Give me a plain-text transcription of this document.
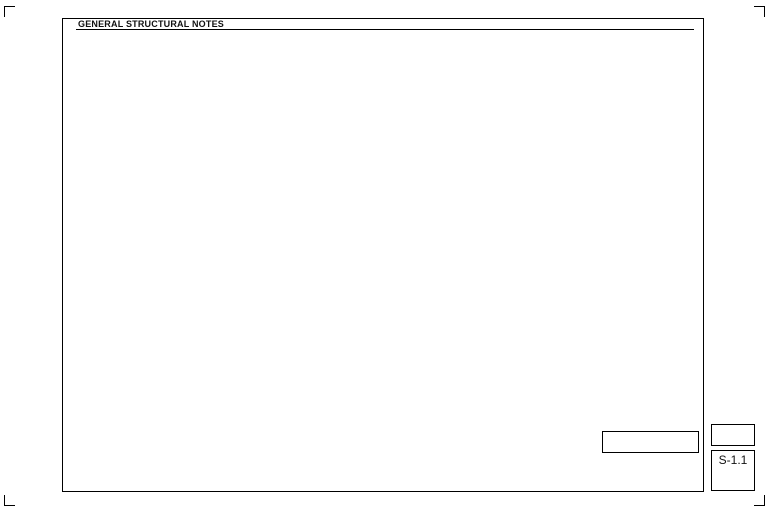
GENERAL STRUCTURAL NOTES
S-1.1
